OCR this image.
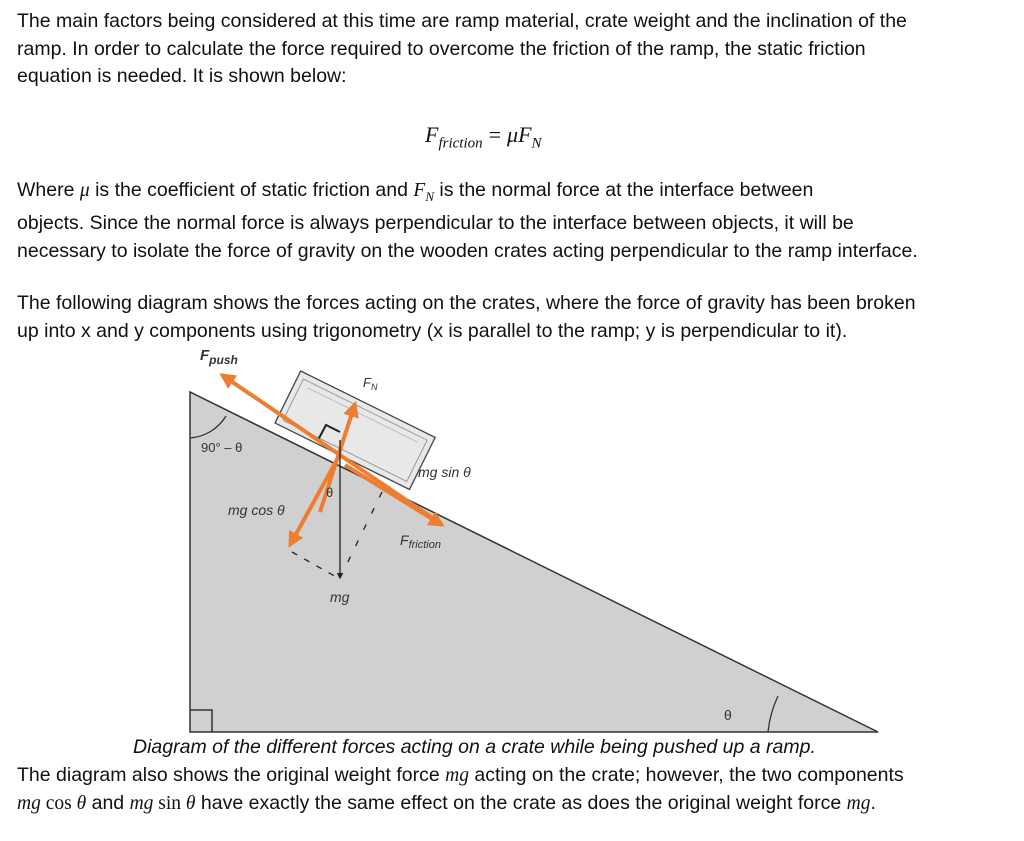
The main factors being considered at this time are ramp material, crate weight and the inclination of the
ramp. In order to calculate the force required to overcome the friction of the ramp, the static friction
equation is needed. It is shown below:
$F_{friction} = \mu F_N$
Where μ is the coefficient of static friction and $F_N$ is the normal force at the interface between
objects. Since the normal force is always perpendicular to the interface between objects, it will be
necessary to isolate the force of gravity on the wooden crates acting perpendicular to the ramp interface.
The following diagram shows the forces acting on the crates, where the force of gravity has been broken
up into x and y components using trigonometry (x is parallel to the ramp; y is perpendicular to it).
$F_{push}$
$F_N$
90° – θ
mg sin θ
θ
mg cos θ
$F_{friction}$
mg
θ
Diagram of the different forces acting on a crate while being pushed up a ramp.
The diagram also shows the original weight force mg acting on the crate; however, the two components
mg cos θ and mg sin θ have exactly the same effect on the crate as does the original weight force mg.
